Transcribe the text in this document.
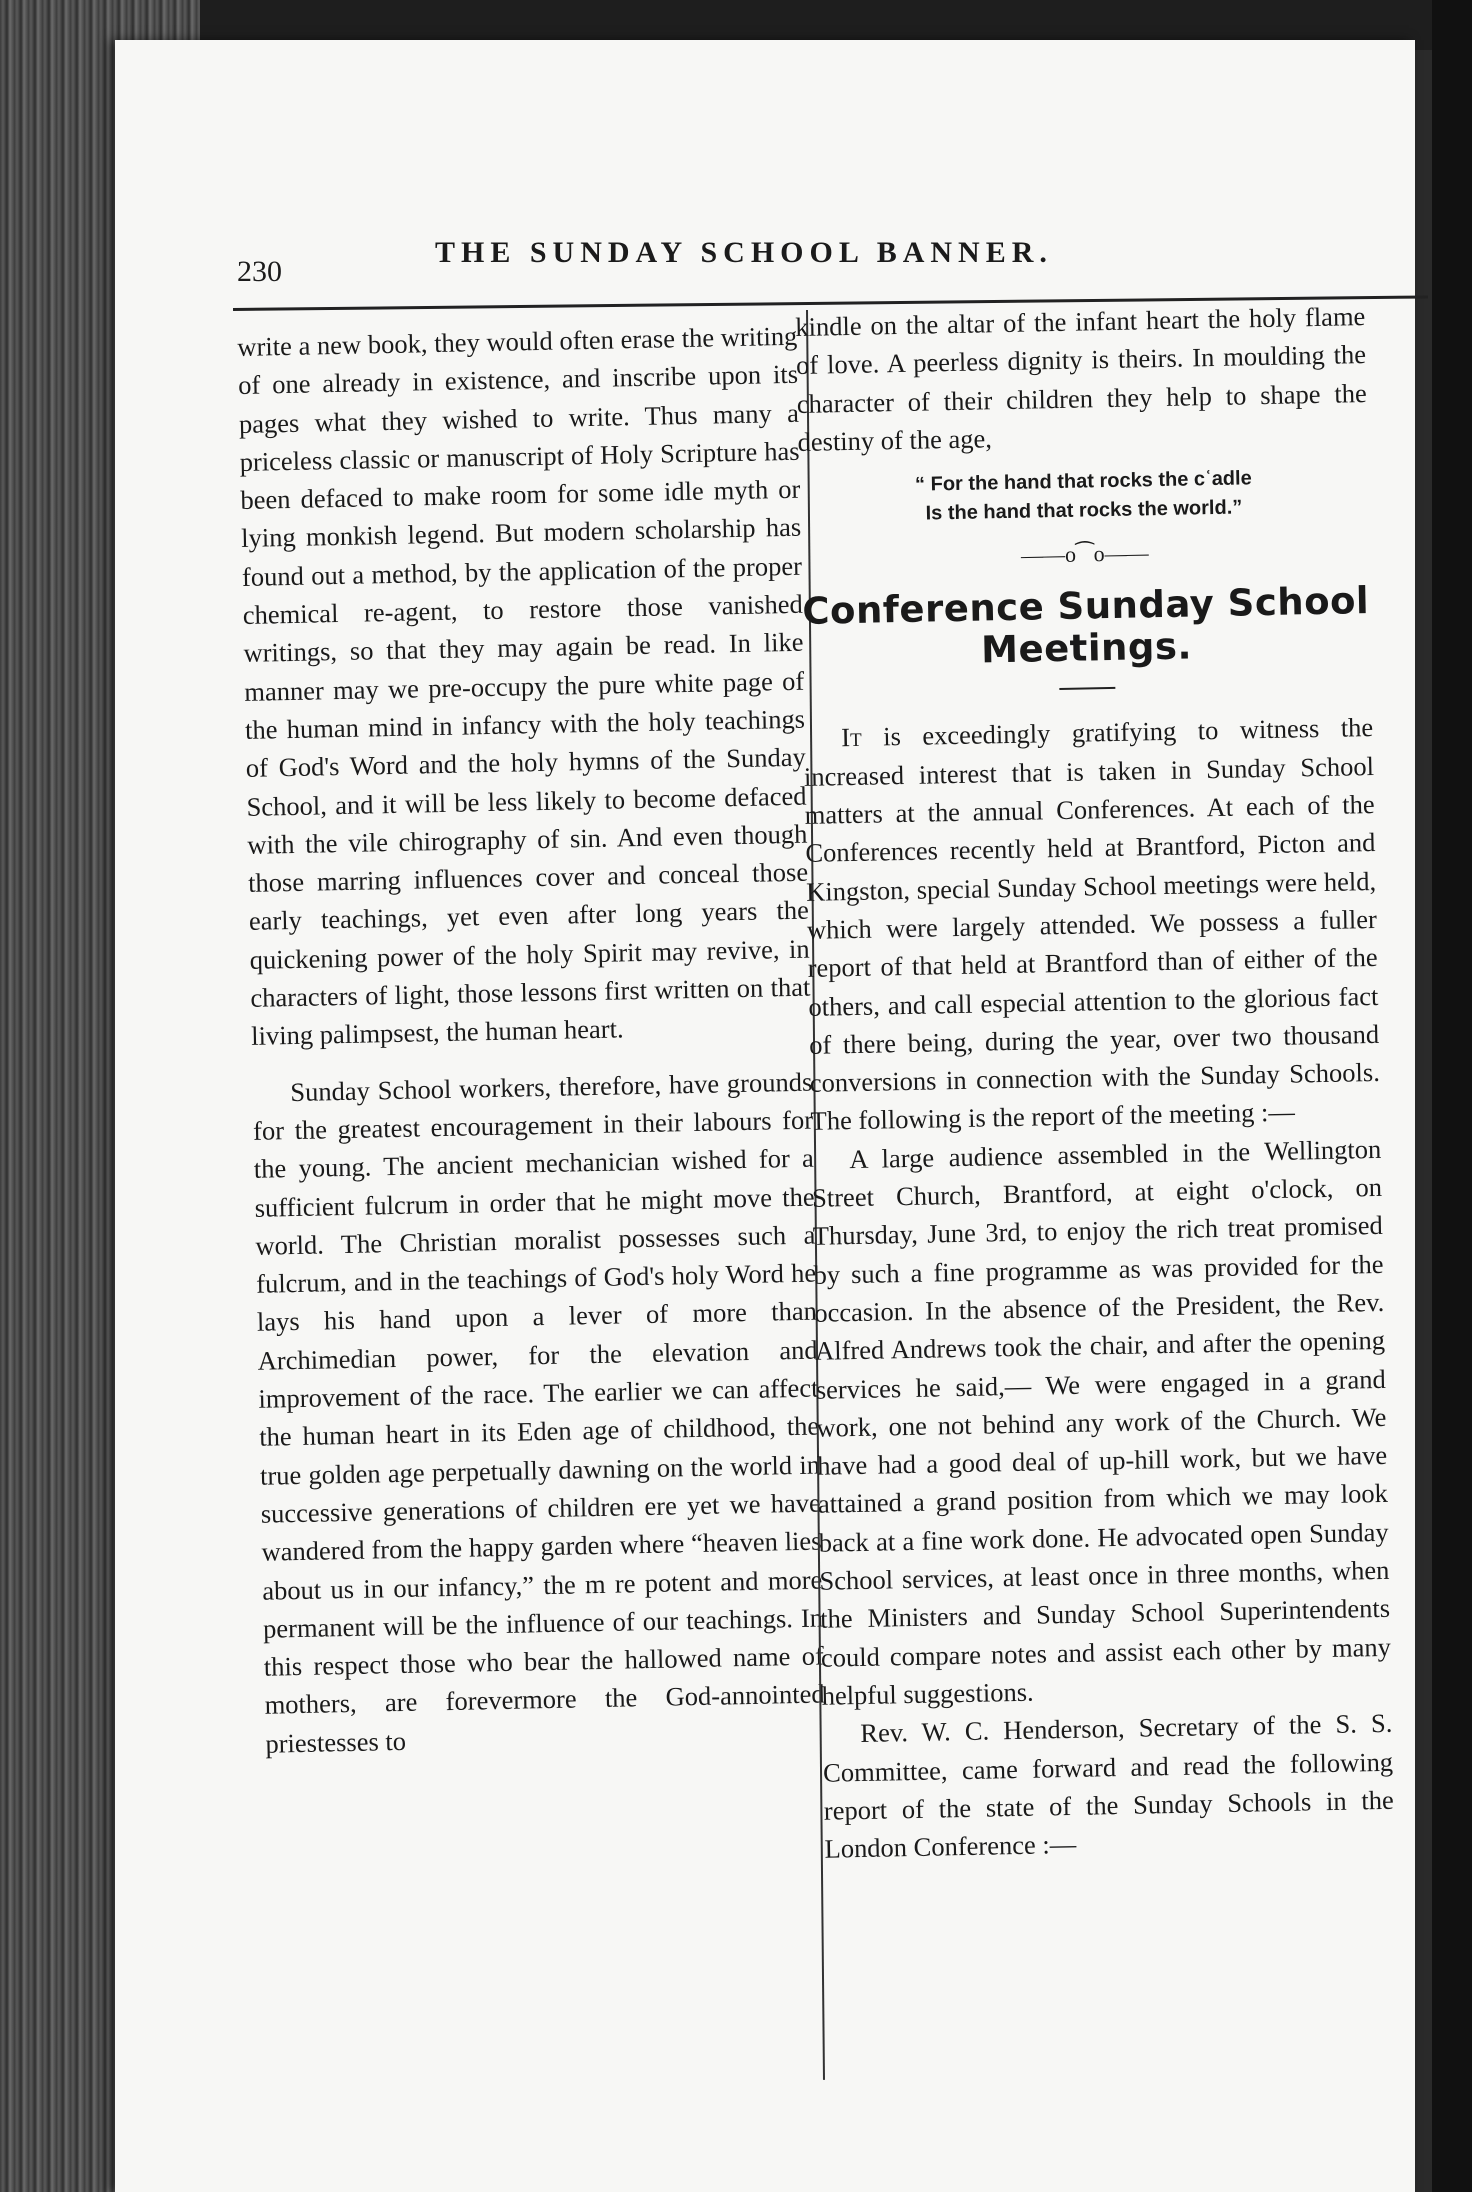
230
THE SUNDAY SCHOOL BANNER.

write a new book, they would often erase the writing of one already in existence, and inscribe upon its pages what they wished to write. Thus many a priceless classic or manuscript of Holy Scripture has been defaced to make room for some idle myth or lying monkish legend. But modern scholarship has found out a method, by the application of the proper chemical re-agent, to restore those vanished writings, so that they may again be read. In like manner may we pre-occupy the pure white page of the human mind in infancy with the holy teachings of God's Word and the holy hymns of the Sunday School, and it will be less likely to become defaced with the vile chirography of sin. And even though those marring influences cover and conceal those early teachings, yet even after long years the quickening power of the holy Spirit may revive, in characters of light, those lessons first written on that living palimpsest, the human heart.

Sunday School workers, therefore, have grounds for the greatest encouragement in their labours for the young. The ancient mechanician wished for a sufficient fulcrum in order that he might move the world. The Christian moralist possesses such a fulcrum, and in the teachings of God's holy Word he lays his hand upon a lever of more than Archimedian power, for the elevation and improvement of the race. The earlier we can affect the human heart in its Eden age of childhood, the true golden age perpetually dawning on the world in successive generations of children ere yet we have wandered from the happy garden where “heaven lies about us in our infancy,” the m re potent and more permanent will be the influence of our teachings. In this respect those who bear the hallowed name of mothers, are forevermore the God-annointed priestesses to

kindle on the altar of the infant heart the holy flame of love. A peerless dignity is theirs. In moulding the character of their children they help to shape the destiny of the age,

“ For the hand that rocks the cʿadle
Is the hand that rocks the world.”

——o⁀o——

Conference Sunday School
Meetings.

It is exceedingly gratifying to witness the increased interest that is taken in Sunday School matters at the annual Conferences. At each of the Conferences recently held at Brantford, Picton and Kingston, special Sunday School meetings were held, which were largely attended. We possess a fuller report of that held at Brantford than of either of the others, and call especial attention to the glorious fact of there being, during the year, over two thousand conversions in connection with the Sunday Schools. The following is the report of the meeting :—

A large audience assembled in the Wellington Street Church, Brantford, at eight o'clock, on Thursday, June 3rd, to enjoy the rich treat promised by such a fine programme as was provided for the occasion. In the absence of the President, the Rev. Alfred Andrews took the chair, and after the opening services he said,— We were engaged in a grand work, one not behind any work of the Church. We have had a good deal of up-hill work, but we have attained a grand position from which we may look back at a fine work done. He advocated open Sunday School services, at least once in three months, when the Ministers and Sunday School Superintendents could compare notes and assist each other by many helpful suggestions.

Rev. W. C. Henderson, Secretary of the S. S. Committee, came forward and read the following report of the state of the Sunday Schools in the London Conference :—
